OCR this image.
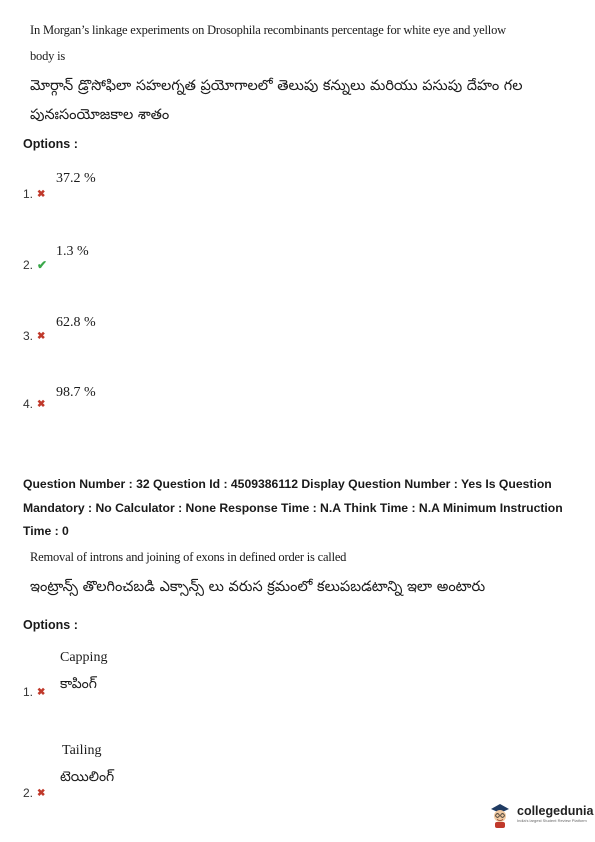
In Morgan’s linkage experiments on Drosophila recombinants percentage for white eye and yellow
body is
మోర్గాన్ డ్రొసోఫిలా సహలగ్నత ప్రయోగాలలో తెలుపు కన్నులు మరియు పసుపు దేహం గల
పునఃసంయోజకాల శాతం
Options :
37.2 %
1. ✖
1.3 %
2. ✔
62.8 %
3. ✖
98.7 %
4. ✖
Question Number : 32 Question Id : 4509386112 Display Question Number : Yes Is Question Mandatory : No Calculator : None Response Time : N.A Think Time : N.A Minimum Instruction Time : 0
Removal of introns and joining of exons in defined order is called
ఇంట్రాన్స్ తొలగించబడి ఎక్సాన్స్ లు వరుస క్రమంలో కలుపబడటాన్ని ఇలా అంటారు
Options :
Capping
కాపింగ్
1. ✖
Tailing
టెయిలింగ్
2. ✖
collegedunia
India's largest Student Review Platform
